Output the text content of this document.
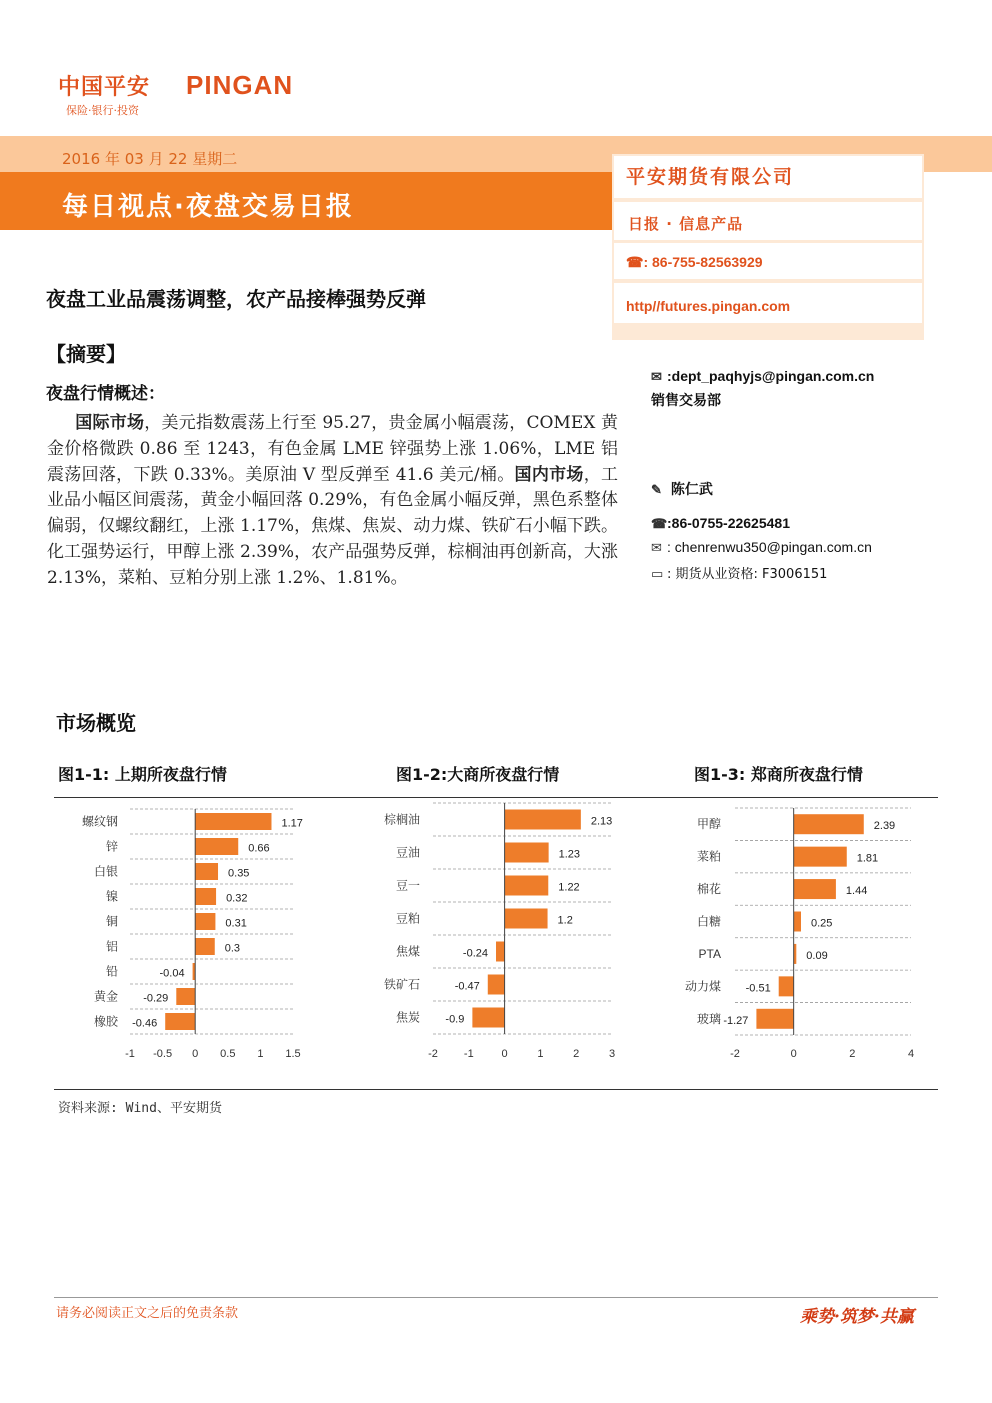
中国平安 PINGAN
保险·银行·投资
2016 年 03 月 22 星期二
每日视点·夜盘交易日报
平安期货有限公司
日报 · 信息产品
☎: 86-755-82563929
http//futures.pingan.com
✉ :dept_paqhyjs@pingan.com.cn
销售交易部
✎ 陈仁武
☎:86-0755-22625481
✉ : chenrenwu350@pingan.com.cn
▭ : 期货从业资格: F3006151
夜盘工业品震荡调整，农产品接棒强势反弹
【摘要】
夜盘行情概述：
国际市场，美元指数震荡上行至 95.27，贵金属小幅震荡，COMEX 黄金价格微跌 0.86 至 1243，有色金属 LME 锌强势上涨 1.06%，LME 铝震荡回落，下跌 0.33%。美原油 V 型反弹至 41.6 美元/桶。国内市场，工业品小幅区间震荡，黄金小幅回落 0.29%，有色金属小幅反弹，黑色系整体偏弱，仅螺纹翻红，上涨 1.17%，焦煤、焦炭、动力煤、铁矿石小幅下跌。化工强势运行，甲醇上涨 2.39%，农产品强势反弹，棕榈油再创新高，大涨 2.13%，菜粕、豆粕分别上涨 1.2%、1.81%。
市场概览
图1-1: 上期所夜盘行情	图1-2:大商所夜盘行情	图1-3: 郑商所夜盘行情
螺纹钢	1.17
锌	0.66
白银	0.35
镍	0.32
铜	0.31
铝	0.3
铅	-0.04
黄金 -0.29
橡胶 -0.46
-1 -0.5 0 0.5 1 1.5
棕榈油	2.13
豆油	1.23
豆一	1.22
豆粕	1.2
焦煤	-0.24
铁矿石	-0.47
焦炭 -0.9
-2 -1	0	1	2	3
甲醇	2.39
菜粕	1.81
棉花	1.44
白糖	0.25
PTA	0.09
动力煤 -0.51
玻璃 -1.27
-2	0	2	4
资料来源: Wind、平安期货
请务必阅读正文之后的免责条款	乘势·筑梦·共赢
